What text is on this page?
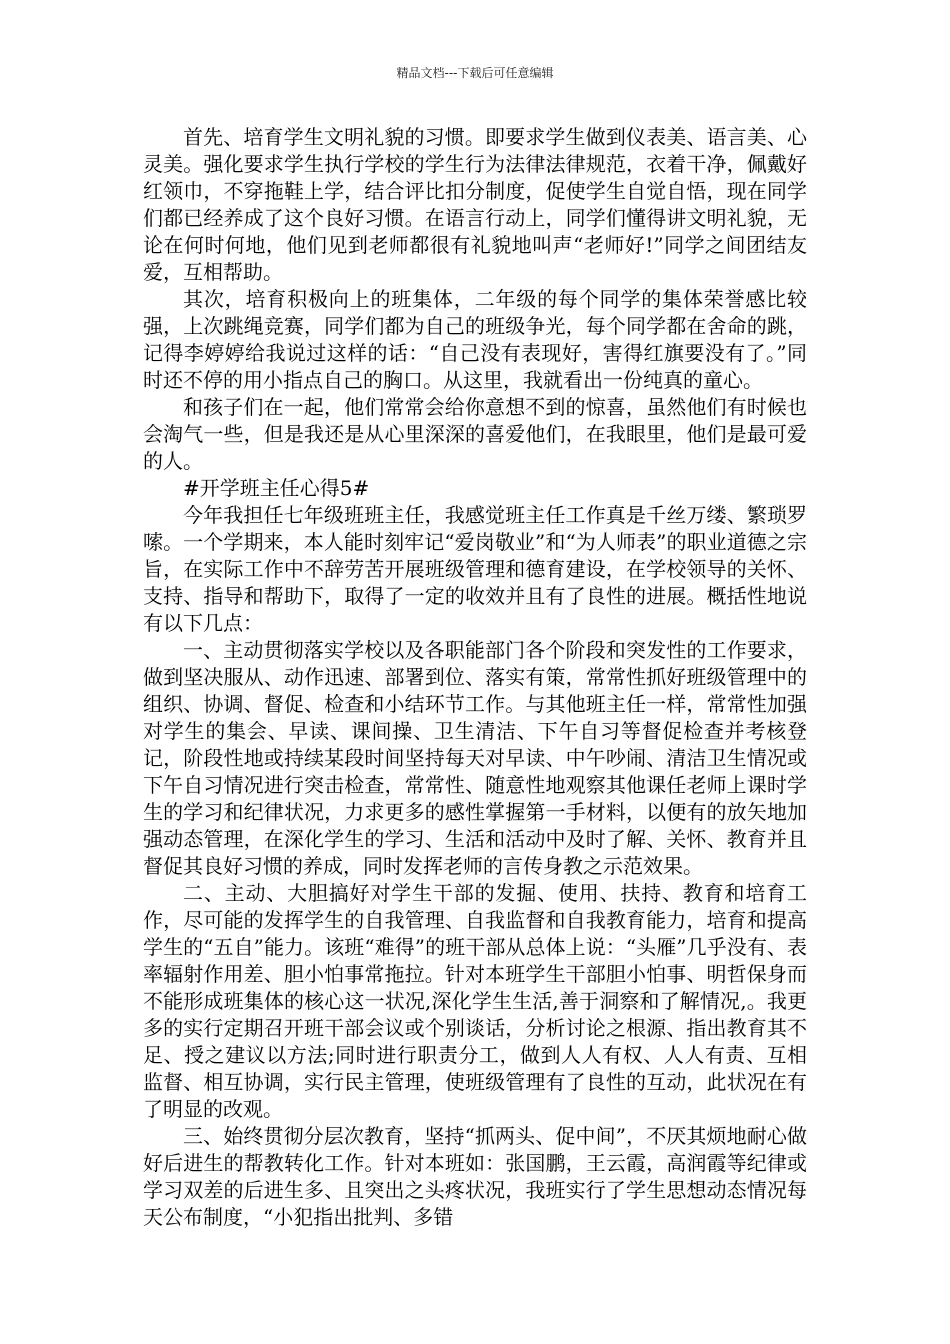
精品文档---下载后可任意编辑

首先、培育学生文明礼貌的习惯。即要求学生做到仪表美、语言美、心灵美。强化要求学生执行学校的学生行为法律法律规范，衣着干净，佩戴好红领巾，不穿拖鞋上学，结合评比扣分制度，促使学生自觉自悟，现在同学们都已经养成了这个良好习惯。在语言行动上，同学们懂得讲文明礼貌，无论在何时何地，他们见到老师都很有礼貌地叫声“老师好!”同学之间团结友爱，互相帮助。

其次，培育积极向上的班集体，二年级的每个同学的集体荣誉感比较强，上次跳绳竞赛，同学们都为自己的班级争光，每个同学都在舍命的跳，记得李婷婷给我说过这样的话：“自己没有表现好，害得红旗要没有了。”同时还不停的用小指点自己的胸口。从这里，我就看出一份纯真的童心。

和孩子们在一起，他们常常会给你意想不到的惊喜，虽然他们有时候也会淘气一些，但是我还是从心里深深的喜爱他们，在我眼里，他们是最可爱的人。

#开学班主任心得5#

今年我担任七年级班班主任，我感觉班主任工作真是千丝万缕、繁琐罗嗦。一个学期来，本人能时刻牢记“爱岗敬业”和“为人师表”的职业道德之宗旨，在实际工作中不辞劳苦开展班级管理和德育建设，在学校领导的关怀、支持、指导和帮助下，取得了一定的收效并且有了良性的进展。概括性地说有以下几点：

一、主动贯彻落实学校以及各职能部门各个阶段和突发性的工作要求，做到坚决服从、动作迅速、部署到位、落实有策，常常性抓好班级管理中的组织、协调、督促、检查和小结环节工作。与其他班主任一样，常常性加强对学生的集会、早读、课间操、卫生清洁、下午自习等督促检查并考核登记，阶段性地或持续某段时间坚持每天对早读、中午吵闹、清洁卫生情况或下午自习情况进行突击检查，常常性、随意性地观察其他课任老师上课时学生的学习和纪律状况，力求更多的感性掌握第一手材料，以便有的放矢地加强动态管理，在深化学生的学习、生活和活动中及时了解、关怀、教育并且督促其良好习惯的养成，同时发挥老师的言传身教之示范效果。

二、主动、大胆搞好对学生干部的发掘、使用、扶持、教育和培育工作，尽可能的发挥学生的自我管理、自我监督和自我教育能力，培育和提高学生的“五自”能力。该班“难得”的班干部从总体上说：“头雁”几乎没有、表率辐射作用差、胆小怕事常拖拉。针对本班学生干部胆小怕事、明哲保身而不能形成班集体的核心这一状况,深化学生生活,善于洞察和了解情况,。我更多的实行定期召开班干部会议或个别谈话，分析讨论之根源、指出教育其不足、授之建议以方法;同时进行职责分工，做到人人有权、人人有责、互相监督、相互协调，实行民主管理，使班级管理有了良性的互动，此状况在有了明显的改观。

三、始终贯彻分层次教育，坚持“抓两头、促中间”，不厌其烦地耐心做好后进生的帮教转化工作。针对本班如：张国鹏，王云霞，高润霞等纪律或学习双差的后进生多、且突出之头疼状况，我班实行了学生思想动态情况每天公布制度，“小犯指出批判、多错
